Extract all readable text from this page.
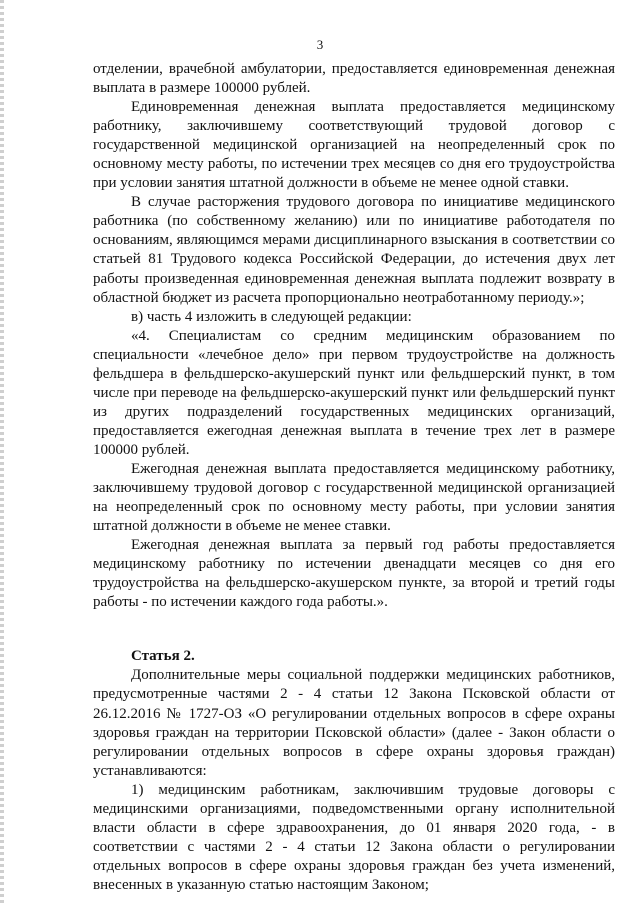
3

отделении, врачебной амбулатории, предоставляется единовременная денежная выплата в размере 100000 рублей.

Единовременная денежная выплата предоставляется медицинскому работнику, заключившему соответствующий трудовой договор с государственной медицинской организацией на неопределенный срок по основному месту работы, по истечении трех месяцев со дня его трудоустройства при условии занятия штатной должности в объеме не менее одной ставки.

В случае расторжения трудового договора по инициативе медицинского работника (по собственному желанию) или по инициативе работодателя по основаниям, являющимся мерами дисциплинарного взыскания в соответствии со статьей 81 Трудового кодекса Российской Федерации, до истечения двух лет работы произведенная единовременная денежная выплата подлежит возврату в областной бюджет из расчета пропорционально неотработанному периоду.»;

в) часть 4 изложить в следующей редакции:

«4. Специалистам со средним медицинским образованием по специальности «лечебное дело» при первом трудоустройстве на должность фельдшера в фельдшерско-акушерский пункт или фельдшерский пункт, в том числе при переводе на фельдшерско-акушерский пункт или фельдшерский пункт из других подразделений государственных медицинских организаций, предоставляется ежегодная денежная выплата в течение трех лет в размере 100000 рублей.

Ежегодная денежная выплата предоставляется медицинскому работнику, заключившему трудовой договор с государственной медицинской организацией на неопределенный срок по основному месту работы, при условии занятия штатной должности в объеме не менее ставки.

Ежегодная денежная выплата за первый год работы предоставляется медицинскому работнику по истечении двенадцати месяцев со дня его трудоустройства на фельдшерско-акушерском пункте, за второй и третий годы работы - по истечении каждого года работы.».

Статья 2.

Дополнительные меры социальной поддержки медицинских работников, предусмотренные частями 2 - 4 статьи 12 Закона Псковской области от 26.12.2016 № 1727-ОЗ «О регулировании отдельных вопросов в сфере охраны здоровья граждан на территории Псковской области» (далее - Закон области о регулировании отдельных вопросов в сфере охраны здоровья граждан) устанавливаются:

1) медицинским работникам, заключившим трудовые договоры с медицинскими организациями, подведомственными органу исполнительной власти области в сфере здравоохранения, до 01 января 2020 года, - в соответствии с частями 2 - 4 статьи 12 Закона области о регулировании отдельных вопросов в сфере охраны здоровья граждан без учета изменений, внесенных в указанную статью настоящим Законом;
